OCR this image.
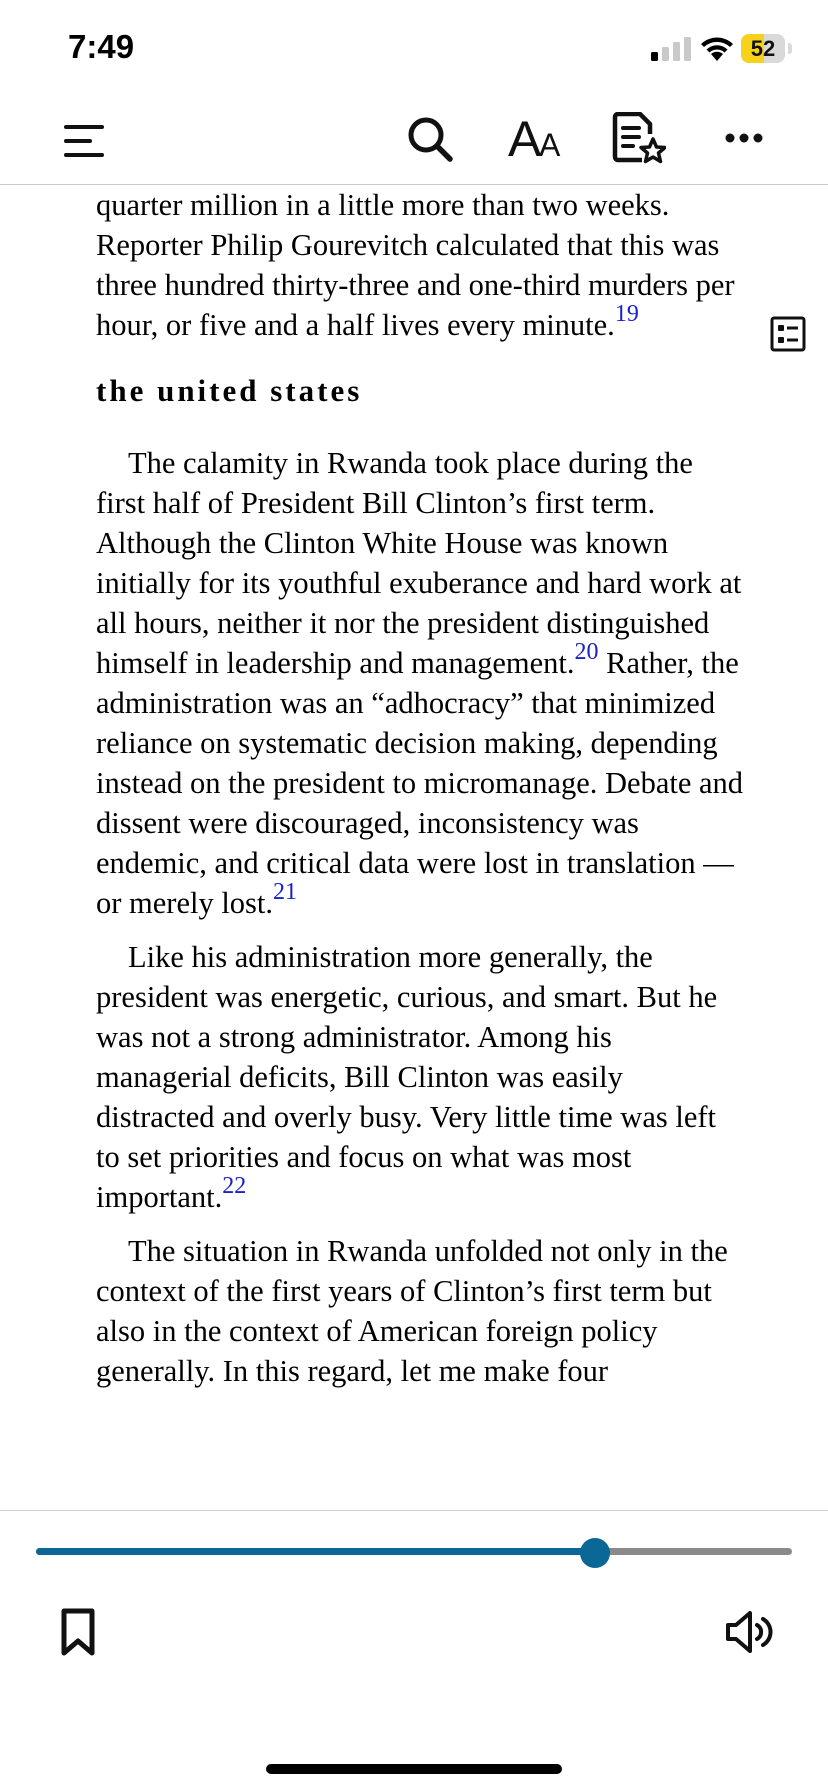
7:49	52
A
A

quarter million in a little more than two weeks. Reporter Philip Gourevitch calculated that this was three hundred thirty-three and one-third murders per hour, or five and a half lives every minute.$^{19}$

the united states

The calamity in Rwanda took place during the first half of President Bill Clinton’s first term. Although the Clinton White House was known initially for its youthful exuberance and hard work at all hours, neither it nor the president distinguished himself in leadership and management.$^{20}$ Rather, the administration was an “adhocracy” that minimized reliance on systematic decision making, depending instead on the president to micromanage. Debate and dissent were discouraged, inconsistency was endemic, and critical data were lost in translation —or merely lost.$^{21}$

Like his administration more generally, the president was energetic, curious, and smart. But he was not a strong administrator. Among his managerial deficits, Bill Clinton was easily distracted and overly busy. Very little time was left to set priorities and focus on what was most important.$^{22}$

The situation in Rwanda unfolded not only in the context of the first years of Clinton’s first term but also in the context of American foreign policy generally. In this regard, let me make four
